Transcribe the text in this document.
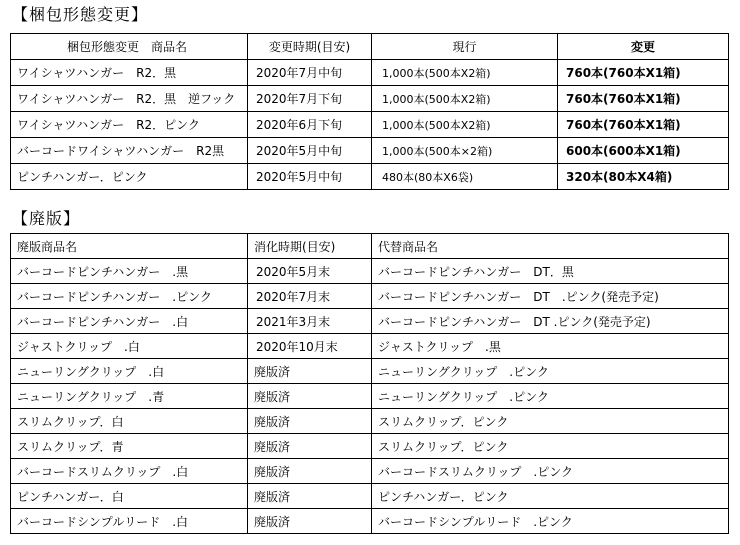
【梱包形態変更】
梱包形態変更　商品名	変更時期(目安)	現行	変更
ワイシャツハンガー　R2．黒	2020年7月中旬	1,000本(500本X2箱)	760本(760本X1箱)
ワイシャツハンガー　R2．黒　逆フック	2020年7月下旬	1,000本(500本X2箱)	760本(760本X1箱)
ワイシャツハンガー　R2．ピンク	2020年6月下旬	1,000本(500本X2箱)	760本(760本X1箱)
バーコードワイシャツハンガー　R2黒	2020年5月中旬	1,000本(500本×2箱)	600本(600本X1箱)
ピンチハンガー．ピンク	2020年5月中旬	480本(80本X6袋)	320本(80本X4箱)
【廃版】
廃版商品名	消化時期(目安)	代替商品名
バーコードピンチハンガー　.黒	2020年5月末	バーコードピンチハンガー　DT．黒
バーコードピンチハンガー　.ピンク	2020年7月末	バーコードピンチハンガー　DT　.ピンク(発売予定)
バーコードピンチハンガー　.白	2021年3月末	バーコードピンチハンガー　DT .ピンク(発売予定)
ジャストクリップ　.白	2020年10月末	ジャストクリップ　.黒
ニューリングクリップ　.白	廃版済	ニューリングクリップ　.ピンク
ニューリングクリップ　.青	廃版済	ニューリングクリップ　.ピンク
スリムクリップ．白	廃版済	スリムクリップ．ピンク
スリムクリップ．青	廃版済	スリムクリップ．ピンク
バーコードスリムクリップ　.白	廃版済	バーコードスリムクリップ　.ピンク
ピンチハンガー．白	廃版済	ピンチハンガー．ピンク
バーコードシンプルリード　.白	廃版済	バーコードシンプルリード　.ピンク
